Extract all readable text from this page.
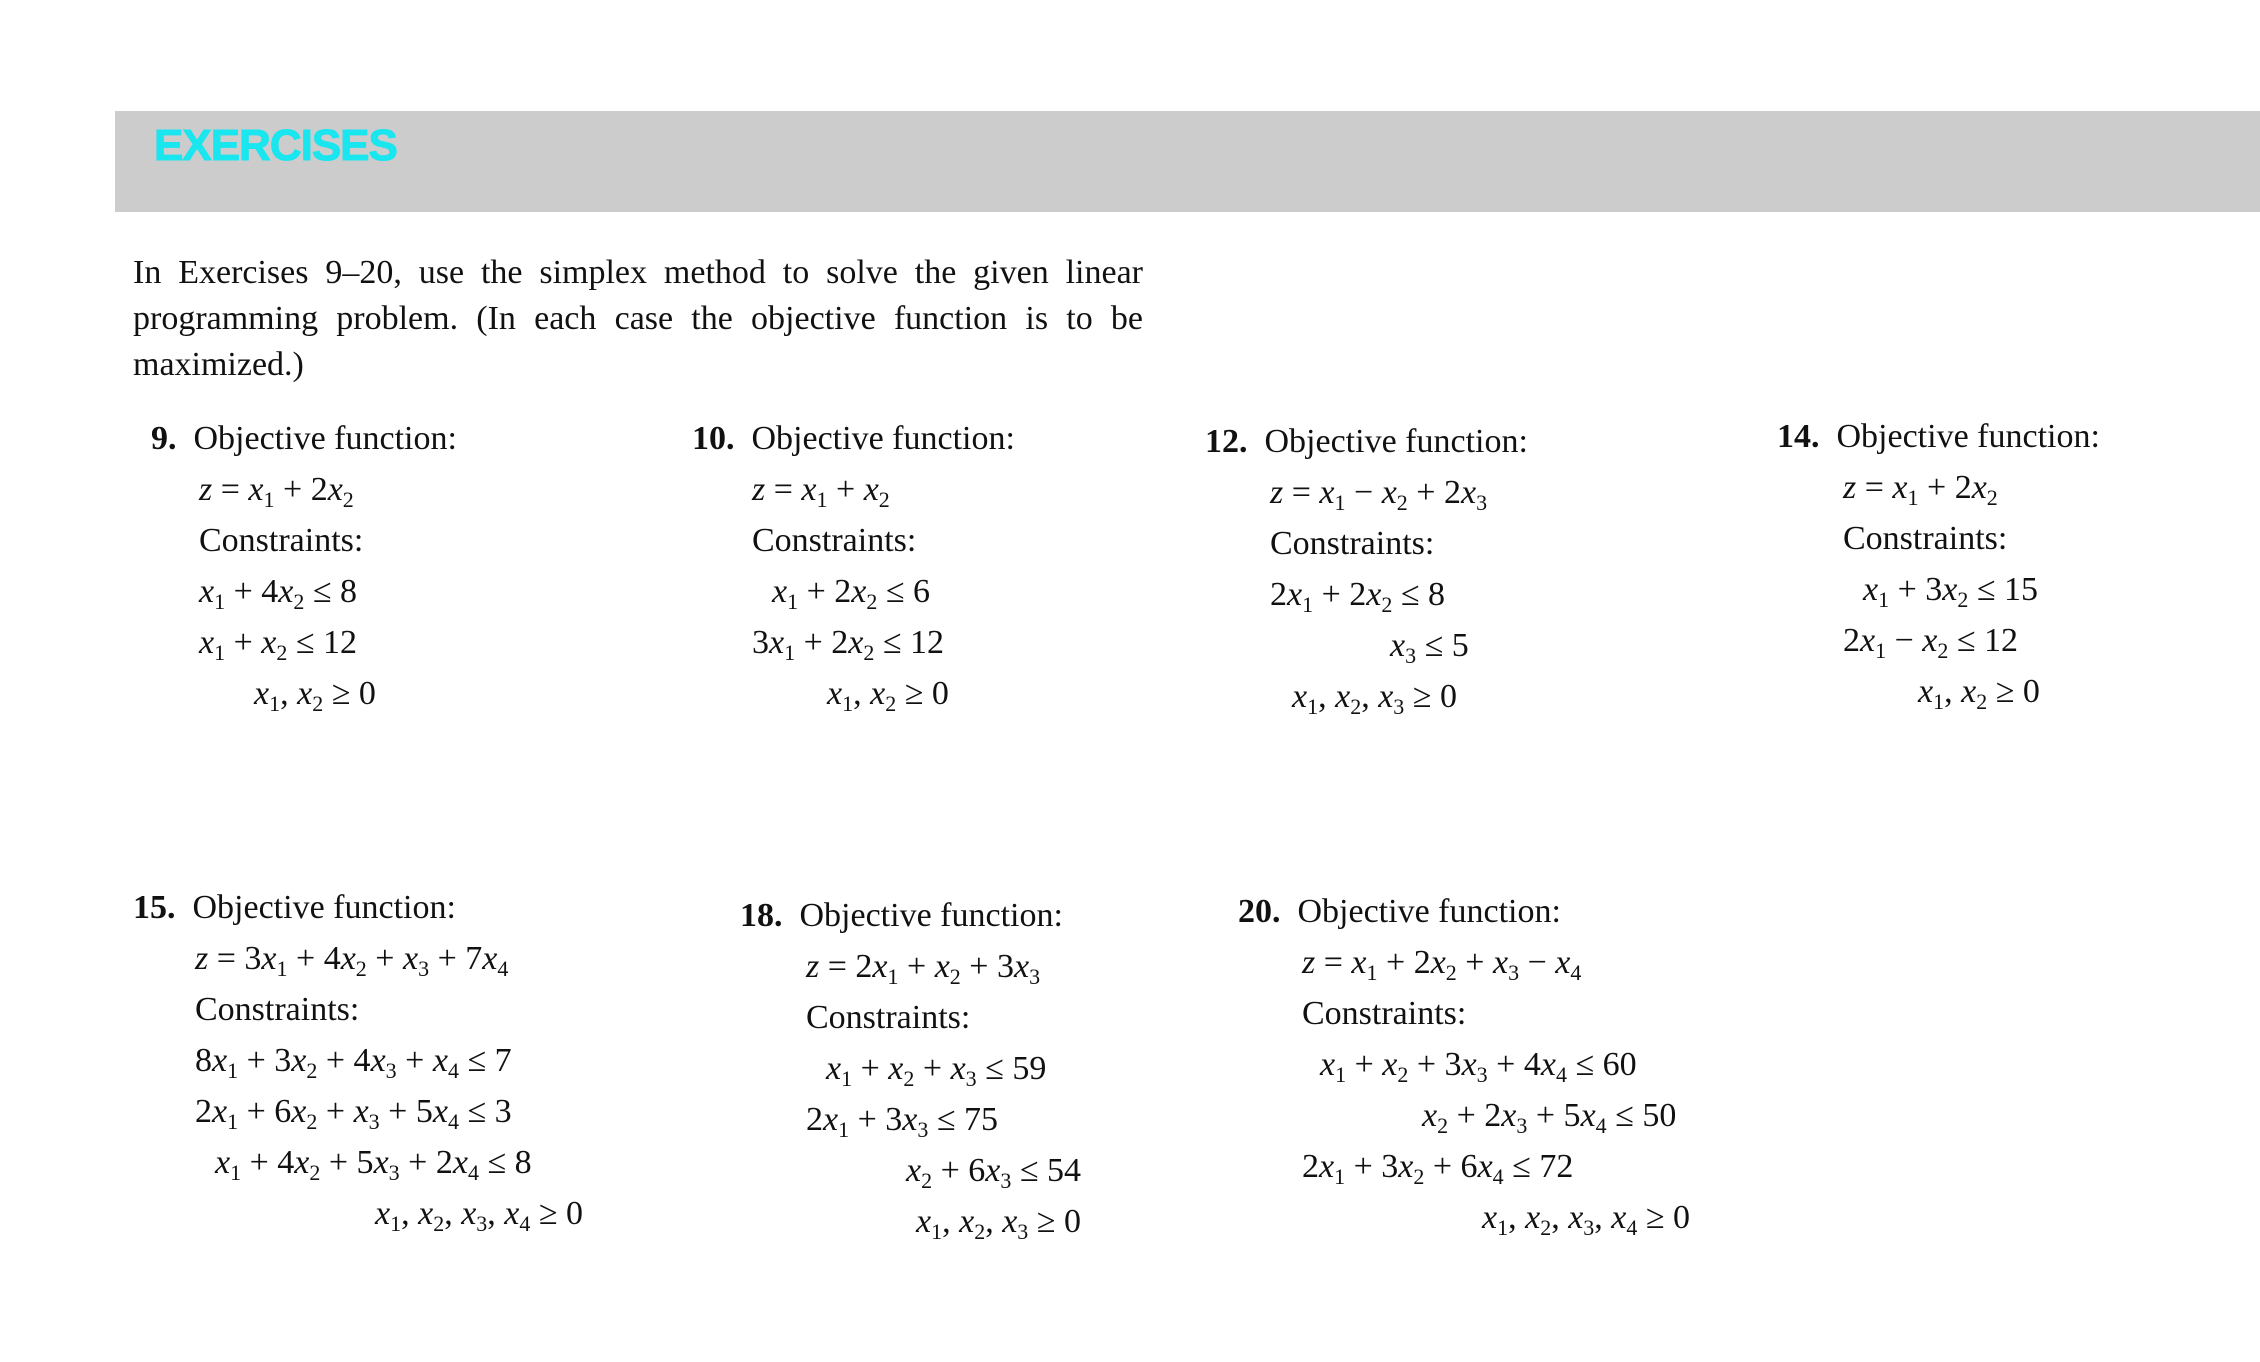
EXERCISES
In Exercises 9–20, use the simplex method to solve the given linear programming problem. (In each case the objective function is to be maximized.)
9. Objective function:
$z = x_1 + 2x_2$
Constraints:
$x_1 + 4x_2 \le 8$
$x_1 + x_2 \le 12$
$x_1$, $x_2 \ge 0$
10. Objective function:
$z = x_1 + x_2$
Constraints:
$x_1 + 2x_2 \le 6$
$3x_1 + 2x_2 \le 12$
$x_1$, $x_2 \ge 0$
12. Objective function:
$z = x_1 - x_2 + 2x_3$
Constraints:
$2x_1 + 2x_2 \le 8$
$x_3 \le 5$
$x_1$, $x_2$, $x_3 \ge 0$
14. Objective function:
$z = x_1 + 2x_2$
Constraints:
$x_1 + 3x_2 \le 15$
$2x_1 - x_2 \le 12$
$x_1$, $x_2 \ge 0$
15. Objective function:
$z = 3x_1 + 4x_2 + x_3 + 7x_4$
Constraints:
$8x_1 + 3x_2 + 4x_3 + x_4 \le 7$
$2x_1 + 6x_2 + x_3 + 5x_4 \le 3$
$x_1 + 4x_2 + 5x_3 + 2x_4 \le 8$
$x_1$, $x_2$, $x_3$, $x_4 \ge 0$
18. Objective function:
$z = 2x_1 + x_2 + 3x_3$
Constraints:
$x_1 + x_2 + x_3 \le 59$
$2x_1 + 3x_3 \le 75$
$x_2 + 6x_3 \le 54$
$x_1$, $x_2$, $x_3 \ge 0$
20. Objective function:
$z = x_1 + 2x_2 + x_3 - x_4$
Constraints:
$x_1 + x_2 + 3x_3 + 4x_4 \le 60$
$x_2 + 2x_3 + 5x_4 \le 50$
$2x_1 + 3x_2 + 6x_4 \le 72$
$x_1$, $x_2$, $x_3$, $x_4 \ge 0$
